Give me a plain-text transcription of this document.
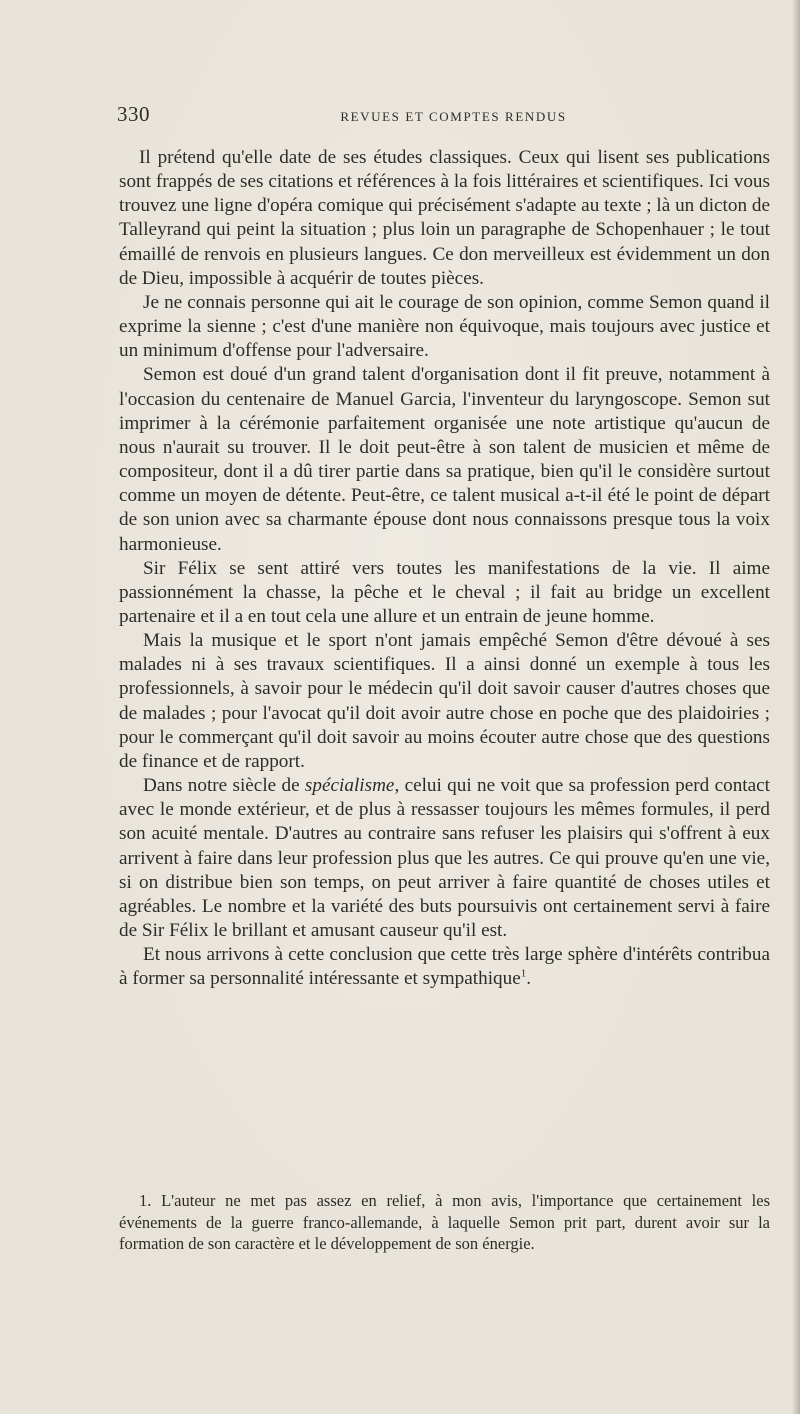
330	REVUES ET COMPTES RENDUS

Il prétend qu'elle date de ses études classiques. Ceux qui lisent ses publications sont frappés de ses citations et références à la fois littéraires et scientifiques. Ici vous trouvez une ligne d'opéra comique qui précisément s'adapte au texte ; là un dicton de Talleyrand qui peint la situation ; plus loin un paragraphe de Schopenhauer ; le tout émaillé de renvois en plusieurs langues. Ce don merveilleux est évidemment un don de Dieu, impossible à acquérir de toutes pièces.

Je ne connais personne qui ait le courage de son opinion, comme Semon quand il exprime la sienne ; c'est d'une manière non équivoque, mais toujours avec justice et un minimum d'offense pour l'adversaire.

Semon est doué d'un grand talent d'organisation dont il fit preuve, notamment à l'occasion du centenaire de Manuel Garcia, l'inventeur du laryngoscope. Semon sut imprimer à la cérémonie parfaitement organisée une note artistique qu'aucun de nous n'aurait su trouver. Il le doit peut-être à son talent de musicien et même de compositeur, dont il a dû tirer partie dans sa pratique, bien qu'il le considère surtout comme un moyen de détente. Peut-être, ce talent musical a-t-il été le point de départ de son union avec sa charmante épouse dont nous connaissons presque tous la voix harmonieuse.

Sir Félix se sent attiré vers toutes les manifestations de la vie. Il aime passionnément la chasse, la pêche et le cheval ; il fait au bridge un excellent partenaire et il a en tout cela une allure et un entrain de jeune homme.

Mais la musique et le sport n'ont jamais empêché Semon d'être dévoué à ses malades ni à ses travaux scientifiques. Il a ainsi donné un exemple à tous les professionnels, à savoir pour le médecin qu'il doit savoir causer d'autres choses que de malades ; pour l'avocat qu'il doit avoir autre chose en poche que des plaidoiries ; pour le commerçant qu'il doit savoir au moins écouter autre chose que des questions de finance et de rapport.

Dans notre siècle de spécialisme, celui qui ne voit que sa profession perd contact avec le monde extérieur, et de plus à ressasser toujours les mêmes formules, il perd son acuité mentale. D'autres au contraire sans refuser les plaisirs qui s'offrent à eux arrivent à faire dans leur profession plus que les autres. Ce qui prouve qu'en une vie, si on distribue bien son temps, on peut arriver à faire quantité de choses utiles et agréables. Le nombre et la variété des buts poursuivis ont certainement servi à faire de Sir Félix le brillant et amusant causeur qu'il est.

Et nous arrivons à cette conclusion que cette très large sphère d'intérêts contribua à former sa personnalité intéressante et sympathique$^1$.

1. L'auteur ne met pas assez en relief, à mon avis, l'importance que certainement les événements de la guerre franco-allemande, à laquelle Semon prit part, durent avoir sur la formation de son caractère et le développement de son énergie.
